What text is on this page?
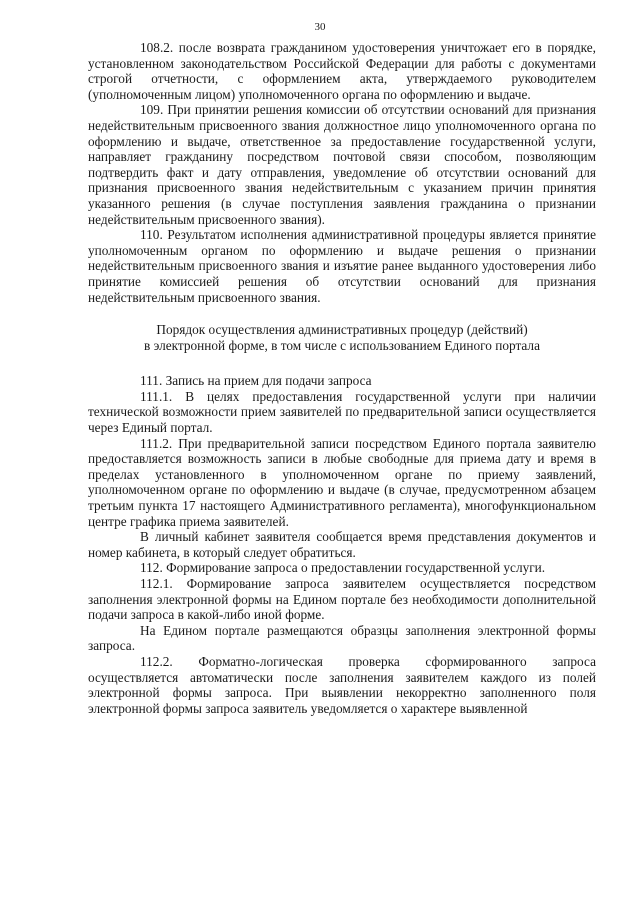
30

108.2. после возврата гражданином удостоверения уничтожает его в порядке, установленном законодательством Российской Федерации для работы с документами строгой отчетности, с оформлением акта, утверждаемого руководителем (уполномоченным лицом) уполномоченного органа по оформлению и выдаче.

109. При принятии решения комиссии об отсутствии оснований для признания недействительным присвоенного звания должностное лицо уполномоченного органа по оформлению и выдаче, ответственное за предоставление государственной услуги, направляет гражданину посредством почтовой связи способом, позволяющим подтвердить факт и дату отправления, уведомление об отсутствии оснований для признания присвоенного звания недействительным с указанием причин принятия указанного решения (в случае поступления заявления гражданина о признании недействительным присвоенного звания).

110. Результатом исполнения административной процедуры является принятие уполномоченным органом по оформлению и выдаче решения о признании недействительным присвоенного звания и изъятие ранее выданного удостоверения либо принятие комиссией решения об отсутствии оснований для признания недействительным присвоенного звания.

Порядок осуществления административных процедур (действий)
в электронной форме, в том числе с использованием Единого портала

111. Запись на прием для подачи запроса

111.1. В целях предоставления государственной услуги при наличии технической возможности прием заявителей по предварительной записи осуществляется через Единый портал.

111.2. При предварительной записи посредством Единого портала заявителю предоставляется возможность записи в любые свободные для приема дату и время в пределах установленного в уполномоченном органе по приему заявлений, уполномоченном органе по оформлению и выдаче (в случае, предусмотренном абзацем третьим пункта 17 настоящего Административного регламента), многофункциональном центре графика приема заявителей.

В личный кабинет заявителя сообщается время представления документов и номер кабинета, в который следует обратиться.

112. Формирование запроса о предоставлении государственной услуги.

112.1. Формирование запроса заявителем осуществляется посредством заполнения электронной формы на Едином портале без необходимости дополнительной подачи запроса в какой-либо иной форме.

На Едином портале размещаются образцы заполнения электронной формы запроса.

112.2. Форматно-логическая проверка сформированного запроса осуществляется автоматически после заполнения заявителем каждого из полей электронной формы запроса. При выявлении некорректно заполненного поля электронной формы запроса заявитель уведомляется о характере выявленной
